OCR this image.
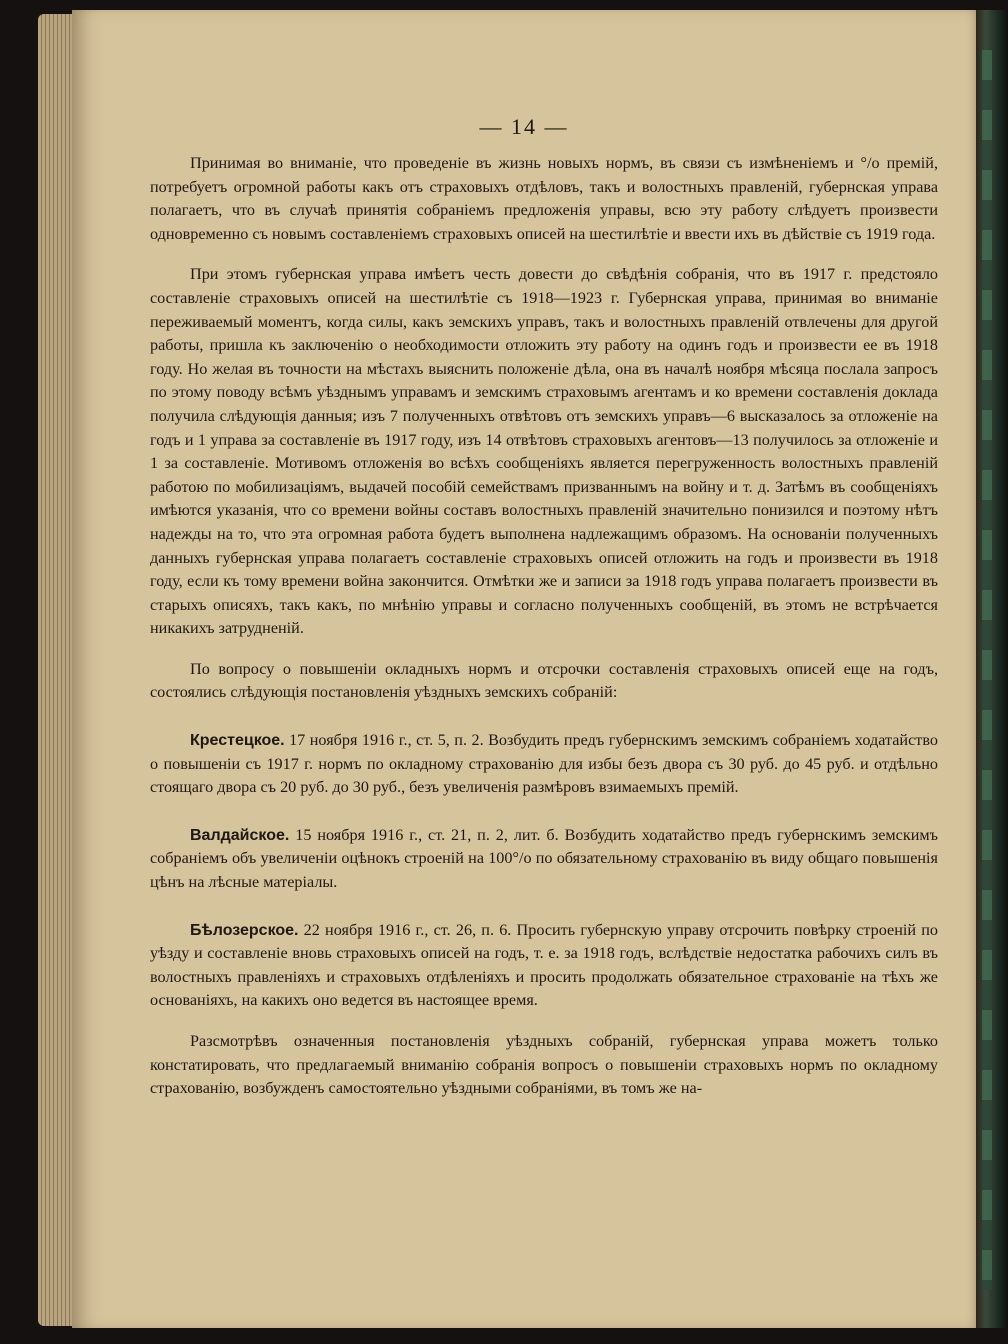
— 14 —

Принимая во вниманіе, что проведеніе въ жизнь новыхъ нормъ, въ связи съ измѣненіемъ и °/о премій, потребуетъ огромной работы какъ отъ страховыхъ отдѣловъ, такъ и волостныхъ правленій, губернская управа полагаетъ, что въ случаѣ принятія собраніемъ предложенія управы, всю эту работу слѣдуетъ произвести одновременно съ новымъ составленіемъ страховыхъ описей на шестилѣтіе и ввести ихъ въ дѣйствіе съ 1919 года.

При этомъ губернская управа имѣетъ честь довести до свѣдѣнія собранія, что въ 1917 г. предстояло составленіе страховыхъ описей на шестилѣтіе съ 1918—1923 г. Губернская управа, принимая во вниманіе переживаемый моментъ, когда силы, какъ земскихъ управъ, такъ и волостныхъ правленій отвлечены для другой работы, пришла къ заключенію о необходимости отложить эту работу на одинъ годъ и произвести ее въ 1918 году. Но желая въ точности на мѣстахъ выяснить положеніе дѣла, она въ началѣ ноября мѣсяца послала запросъ по этому поводу всѣмъ уѣзднымъ управамъ и земскимъ страховымъ агентамъ и ко времени составленія доклада получила слѣдующія данныя; изъ 7 полученныхъ отвѣтовъ отъ земскихъ управъ—6 высказалось за отложеніе на годъ и 1 управа за составленіе въ 1917 году, изъ 14 отвѣтовъ страховыхъ агентовъ—13 получилось за отложеніе и 1 за составленіе. Мотивомъ отложенія во всѣхъ сообщеніяхъ является перегруженность волостныхъ правленій работою по мобилизаціямъ, выдачей пособій семействамъ призваннымъ на войну и т. д. Затѣмъ въ сообщеніяхъ имѣются указанія, что со времени войны составъ волостныхъ правленій значительно понизился и поэтому нѣтъ надежды на то, что эта огромная работа будетъ выполнена надлежащимъ образомъ. На основаніи полученныхъ данныхъ губернская управа полагаетъ составленіе страховыхъ описей отложить на годъ и произвести въ 1918 году, если къ тому времени война закончится. Отмѣтки же и записи за 1918 годъ управа полагаетъ произвести въ старыхъ описяхъ, такъ какъ, по мнѣнію управы и согласно полученныхъ сообщеній, въ этомъ не встрѣчается никакихъ затрудненій.

По вопросу о повышеніи окладныхъ нормъ и отсрочки составленія страховыхъ описей еще на годъ, состоялись слѣдующія постановленія уѣздныхъ земскихъ собраній:

Крестецкое. 17 ноября 1916 г., ст. 5, п. 2. Возбудить предъ губернскимъ земскимъ собраніемъ ходатайство о повышеніи съ 1917 г. нормъ по окладному страхованію для избы безъ двора съ 30 руб. до 45 руб. и отдѣльно стоящаго двора съ 20 руб. до 30 руб., безъ увеличенія размѣровъ взимаемыхъ премій.

Валдайское. 15 ноября 1916 г., ст. 21, п. 2, лит. б. Возбудить ходатайство предъ губернскимъ земскимъ собраніемъ объ увеличеніи оцѣнокъ строеній на 100°/о по обязательному страхованію въ виду общаго повышенія цѣнъ на лѣсные матеріалы.

Бѣлозерское. 22 ноября 1916 г., ст. 26, п. 6. Просить губернскую управу отсрочить повѣрку строеній по уѣзду и составленіе вновь страховыхъ описей на годъ, т. е. за 1918 годъ, вслѣдствіе недостатка рабочихъ силъ въ волостныхъ правленіяхъ и страховыхъ отдѣленіяхъ и просить продолжать обязательное страхованіе на тѣхъ же основаніяхъ, на какихъ оно ведется въ настоящее время.

Разсмотрѣвъ означенныя постановленія уѣздныхъ собраній, губернская управа можетъ только констатировать, что предлагаемый вниманію собранія вопросъ о повышеніи страховыхъ нормъ по окладному страхованію, возбужденъ самостоятельно уѣздными собраніями, въ томъ же на-
